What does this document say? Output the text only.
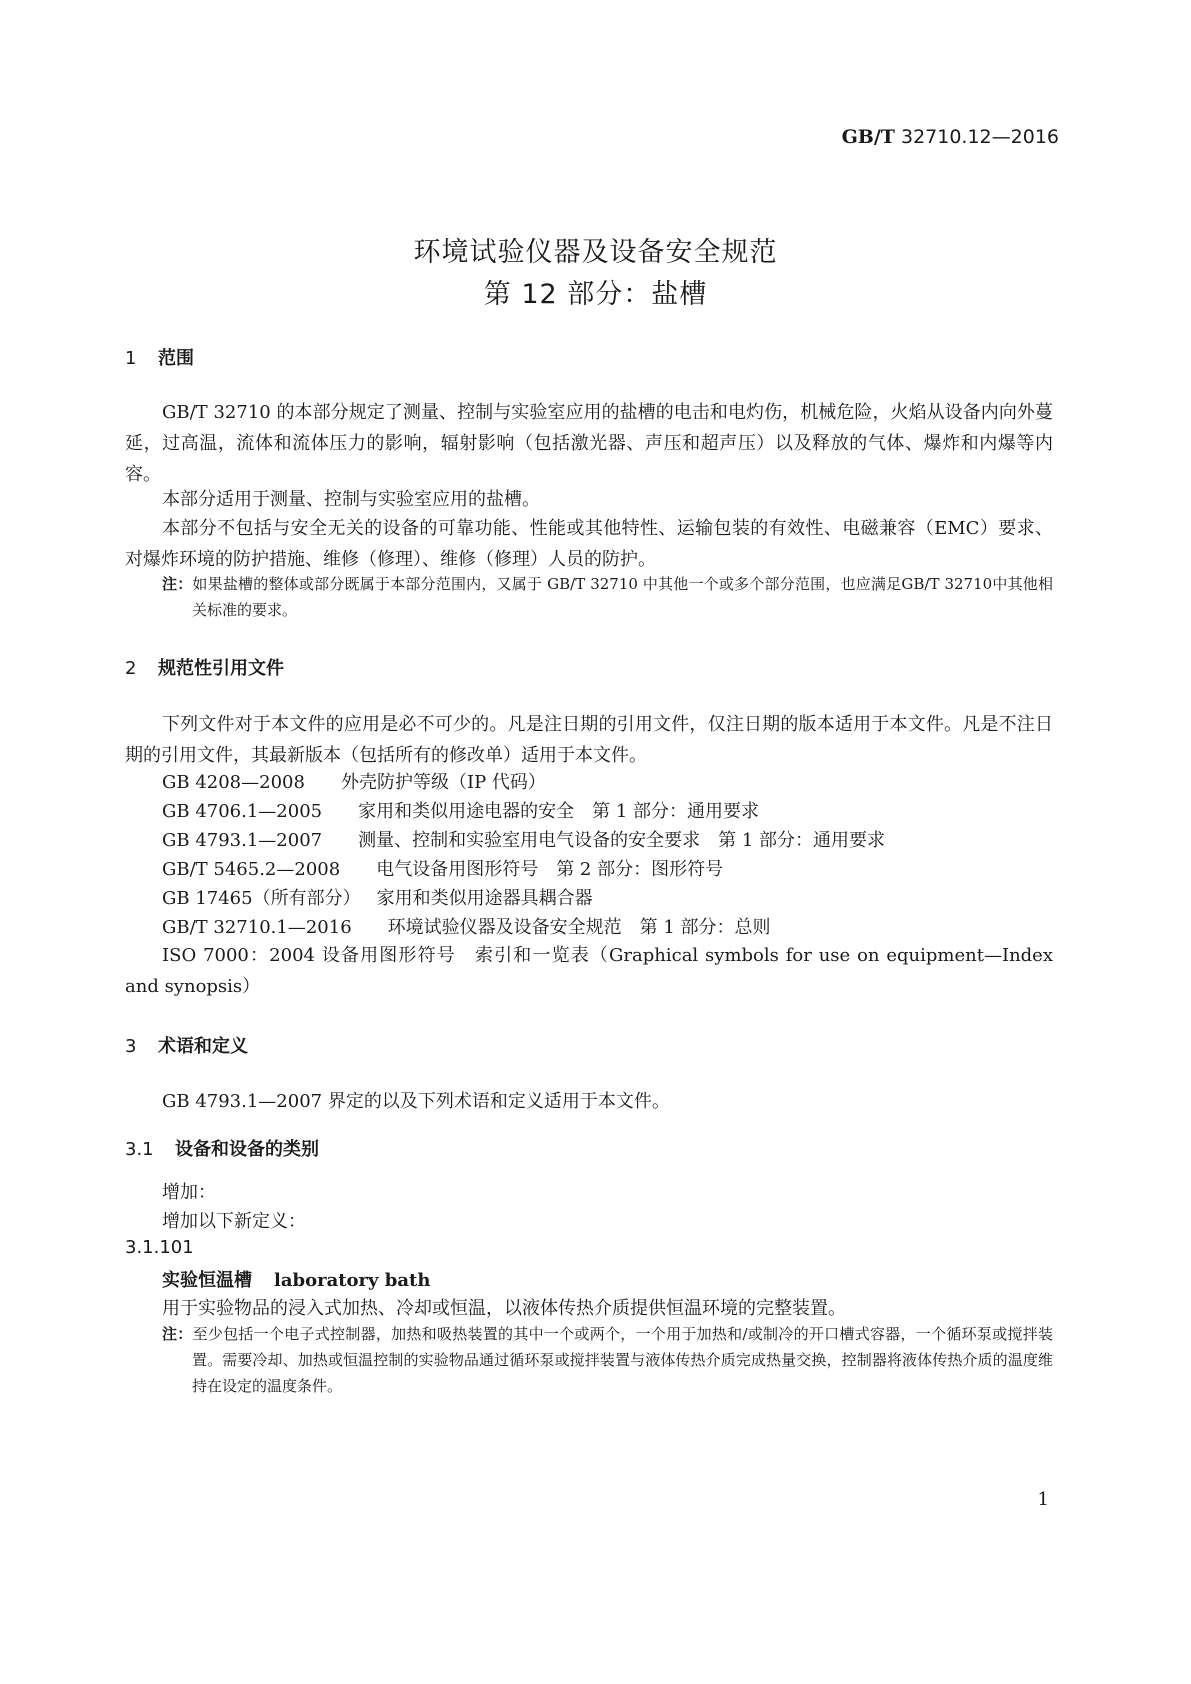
GB/T 32710.12—2016
环境试验仪器及设备安全规范
第 12 部分：盐槽
1 范围
GB/T 32710 的本部分规定了测量、控制与实验室应用的盐槽的电击和电灼伤，机械危险，火焰从设备内向外蔓延，过高温，流体和流体压力的影响，辐射影响（包括激光器、声压和超声压）以及释放的气体、爆炸和内爆等内容。
本部分适用于测量、控制与实验室应用的盐槽。
本部分不包括与安全无关的设备的可靠功能、性能或其他特性、运输包装的有效性、电磁兼容（EMC）要求、对爆炸环境的防护措施、维修（修理）、维修（修理）人员的防护。
注：如果盐槽的整体或部分既属于本部分范围内，又属于 GB/T 32710 中其他一个或多个部分范围，也应满足GB/T 32710中其他相关标准的要求。
2 规范性引用文件
下列文件对于本文件的应用是必不可少的。凡是注日期的引用文件，仅注日期的版本适用于本文件。凡是不注日期的引用文件，其最新版本（包括所有的修改单）适用于本文件。
GB 4208—2008 外壳防护等级（IP 代码）
GB 4706.1—2005 家用和类似用途电器的安全　第 1 部分：通用要求
GB 4793.1—2007 测量、控制和实验室用电气设备的安全要求　第 1 部分：通用要求
GB/T 5465.2—2008 电气设备用图形符号　第 2 部分：图形符号
GB 17465（所有部分） 家用和类似用途器具耦合器
GB/T 32710.1—2016 环境试验仪器及设备安全规范　第 1 部分：总则
ISO 7000：2004 设备用图形符号　索引和一览表（Graphical symbols for use on equipment—Index and synopsis）
3 术语和定义
GB 4793.1—2007 界定的以及下列术语和定义适用于本文件。
3.1 设备和设备的类别
增加：
增加以下新定义：
3.1.101
实验恒温槽 laboratory bath
用于实验物品的浸入式加热、冷却或恒温，以液体传热介质提供恒温环境的完整装置。
注：至少包括一个电子式控制器，加热和吸热装置的其中一个或两个，一个用于加热和/或制冷的开口槽式容器，一个循环泵或搅拌装置。需要冷却、加热或恒温控制的实验物品通过循环泵或搅拌装置与液体传热介质完成热量交换，控制器将液体传热介质的温度维持在设定的温度条件。
1
